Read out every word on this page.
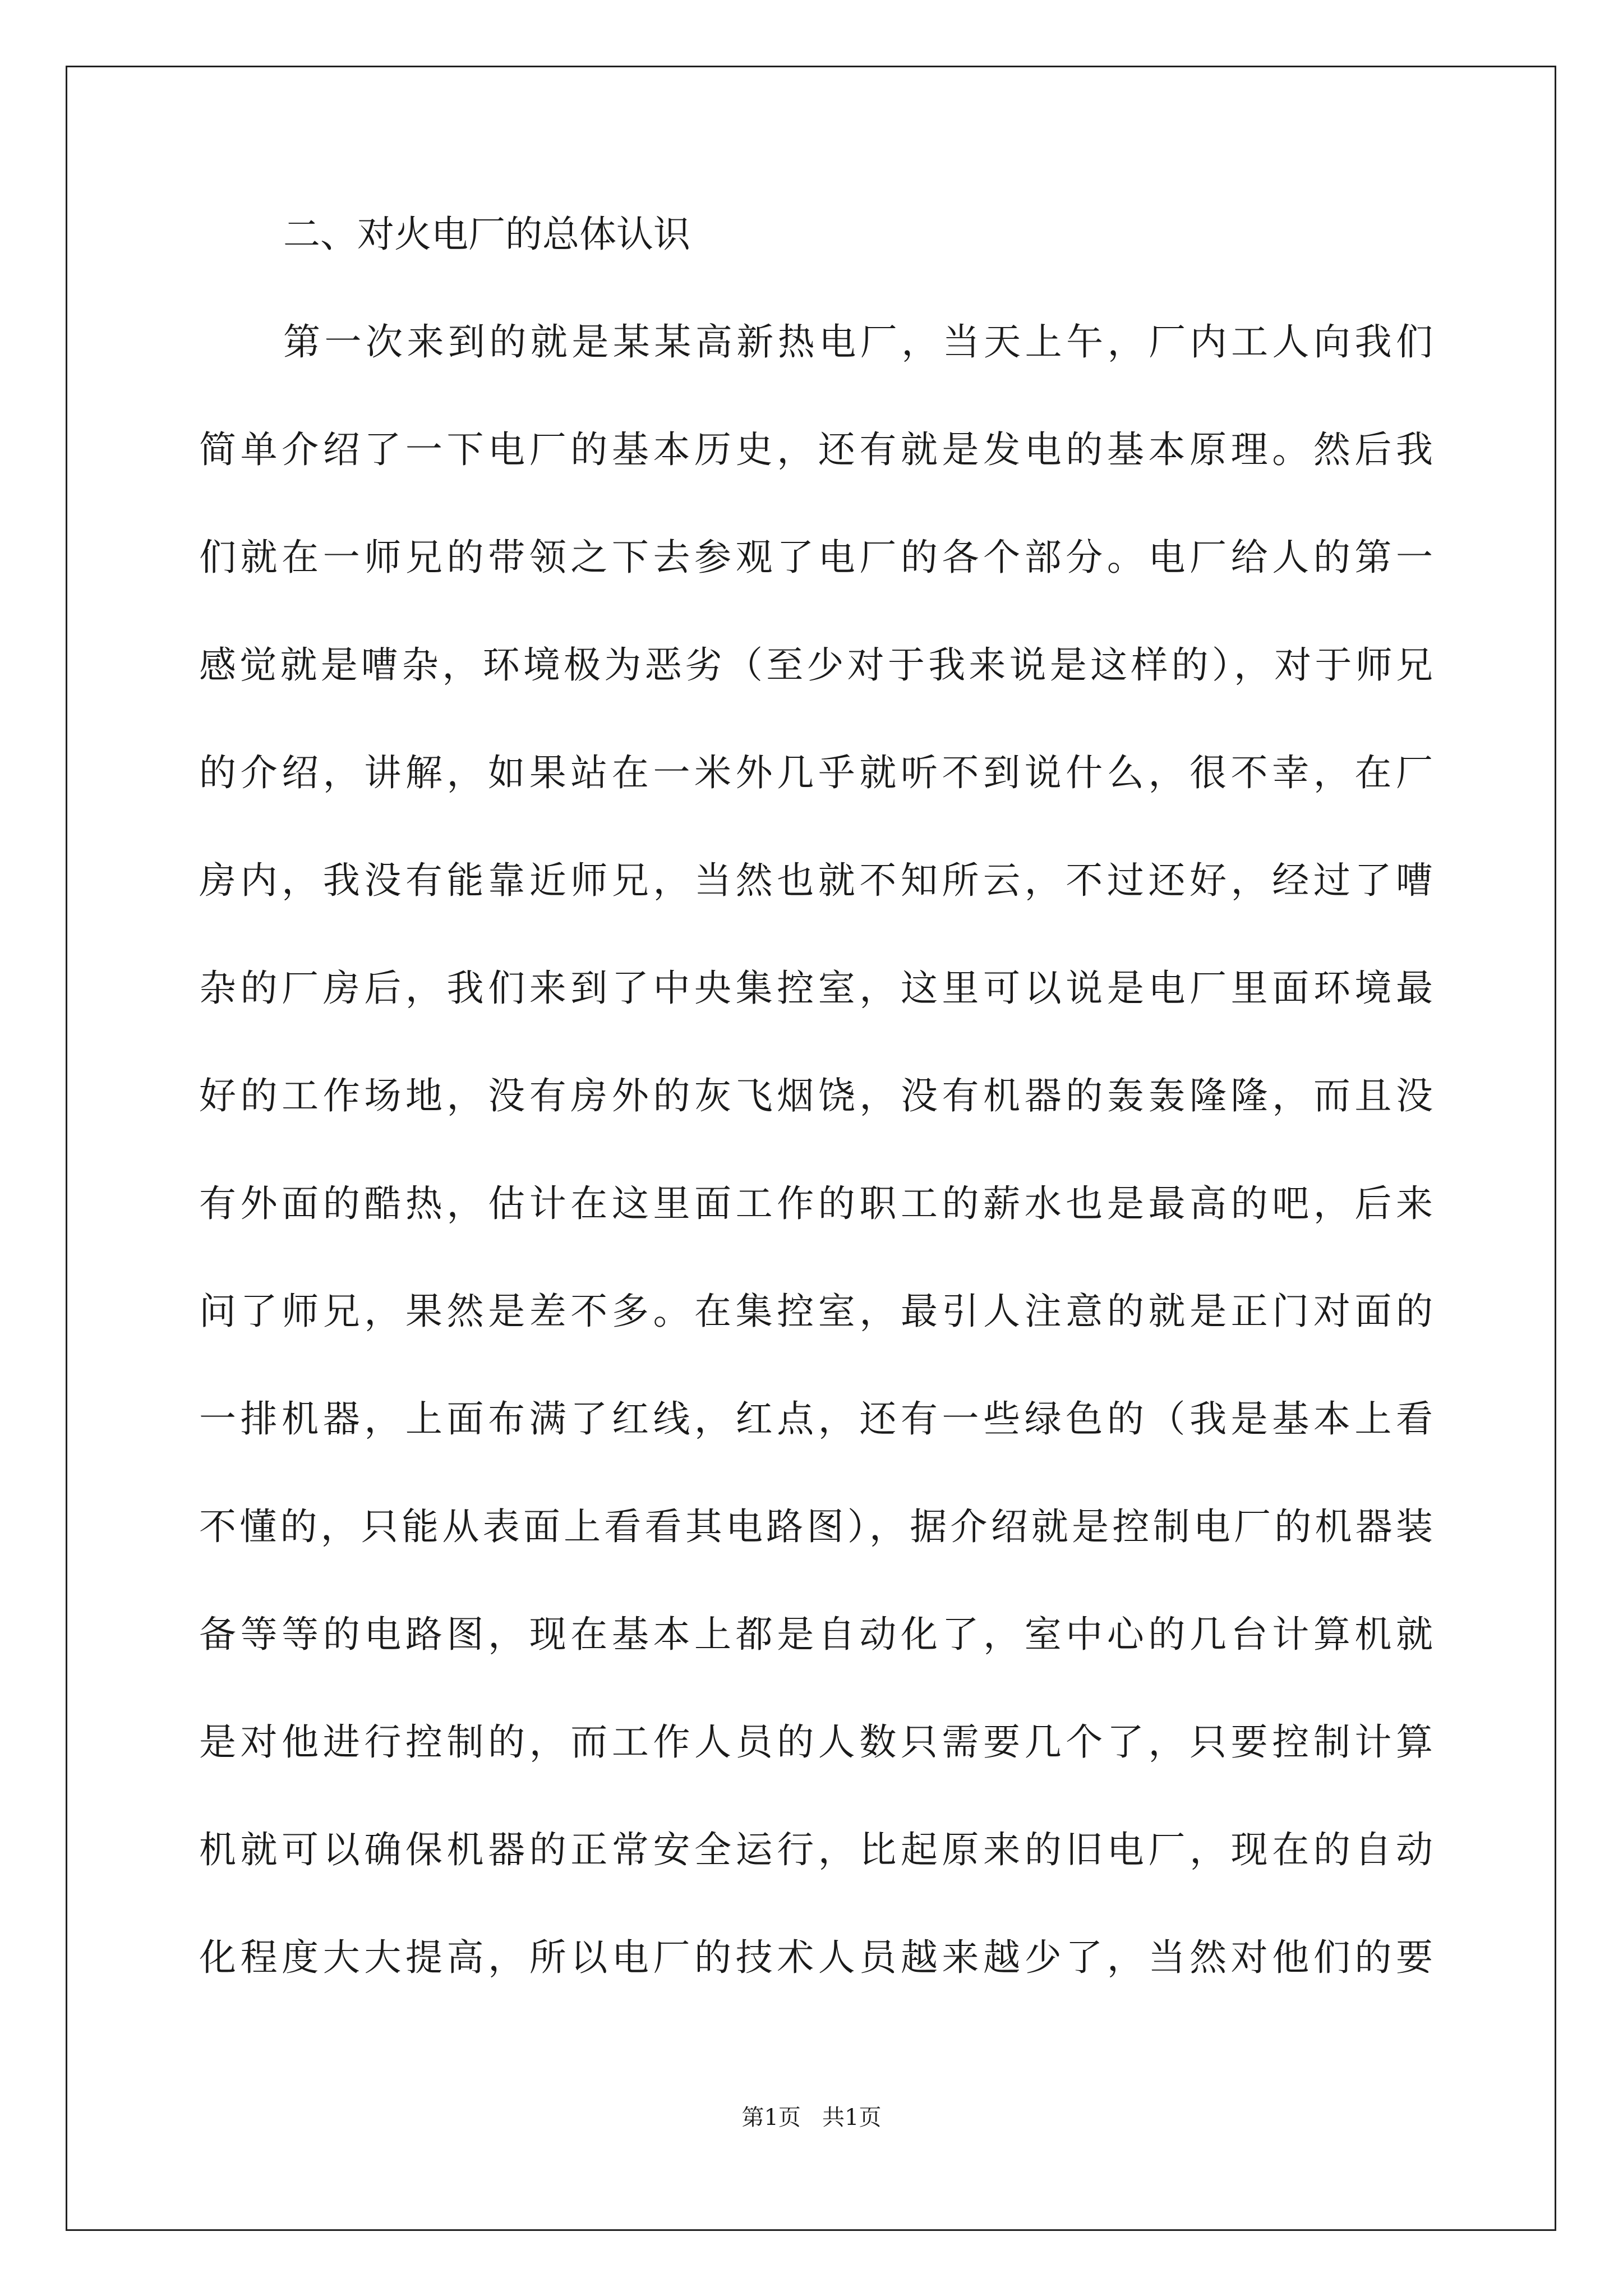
二、对火电厂的总体认识
第一次来到的就是某某高新热电厂，当天上午，厂内工人向我们
简单介绍了一下电厂的基本历史，还有就是发电的基本原理。然后我
们就在一师兄的带领之下去参观了电厂的各个部分。电厂给人的第一
感觉就是嘈杂，环境极为恶劣（至少对于我来说是这样的），对于师兄
的介绍，讲解，如果站在一米外几乎就听不到说什么，很不幸，在厂
房内，我没有能靠近师兄，当然也就不知所云，不过还好，经过了嘈
杂的厂房后，我们来到了中央集控室，这里可以说是电厂里面环境最
好的工作场地，没有房外的灰飞烟饶，没有机器的轰轰隆隆，而且没
有外面的酷热，估计在这里面工作的职工的薪水也是最高的吧，后来
问了师兄，果然是差不多。在集控室，最引人注意的就是正门对面的
一排机器，上面布满了红线，红点，还有一些绿色的（我是基本上看
不懂的，只能从表面上看看其电路图），据介绍就是控制电厂的机器装
备等等的电路图，现在基本上都是自动化了，室中心的几台计算机就
是对他进行控制的，而工作人员的人数只需要几个了，只要控制计算
机就可以确保机器的正常安全运行，比起原来的旧电厂，现在的自动
化程度大大提高，所以电厂的技术人员越来越少了，当然对他们的要
第1页   共1页
